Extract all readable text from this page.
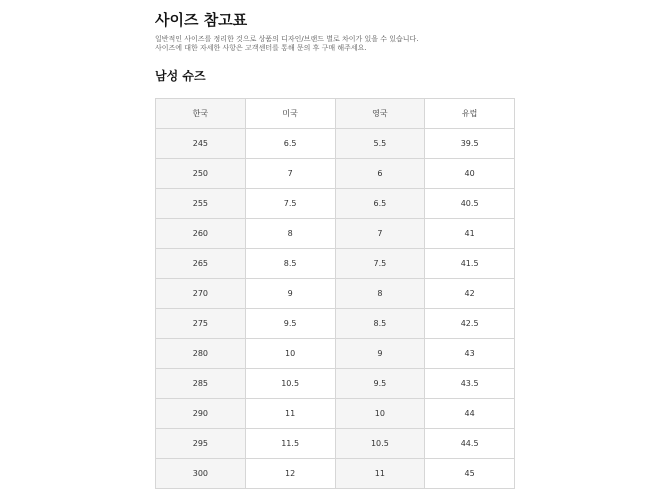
사이즈 참고표
일반적인 사이즈를 정리한 것으로 상품의 디자인/브랜드 별로 차이가 있을 수 있습니다.
사이즈에 대한 자세한 사항은 고객센터를 통해 문의 후 구매 해주세요.
남성 슈즈
한국	미국	영국	유럽
245	6.5	5.5	39.5
250	7	6	40
255	7.5	6.5	40.5
260	8	7	41
265	8.5	7.5	41.5
270	9	8	42
275	9.5	8.5	42.5
280	10	9	43
285	10.5	9.5	43.5
290	11	10	44
295	11.5	10.5	44.5
300	12	11	45
